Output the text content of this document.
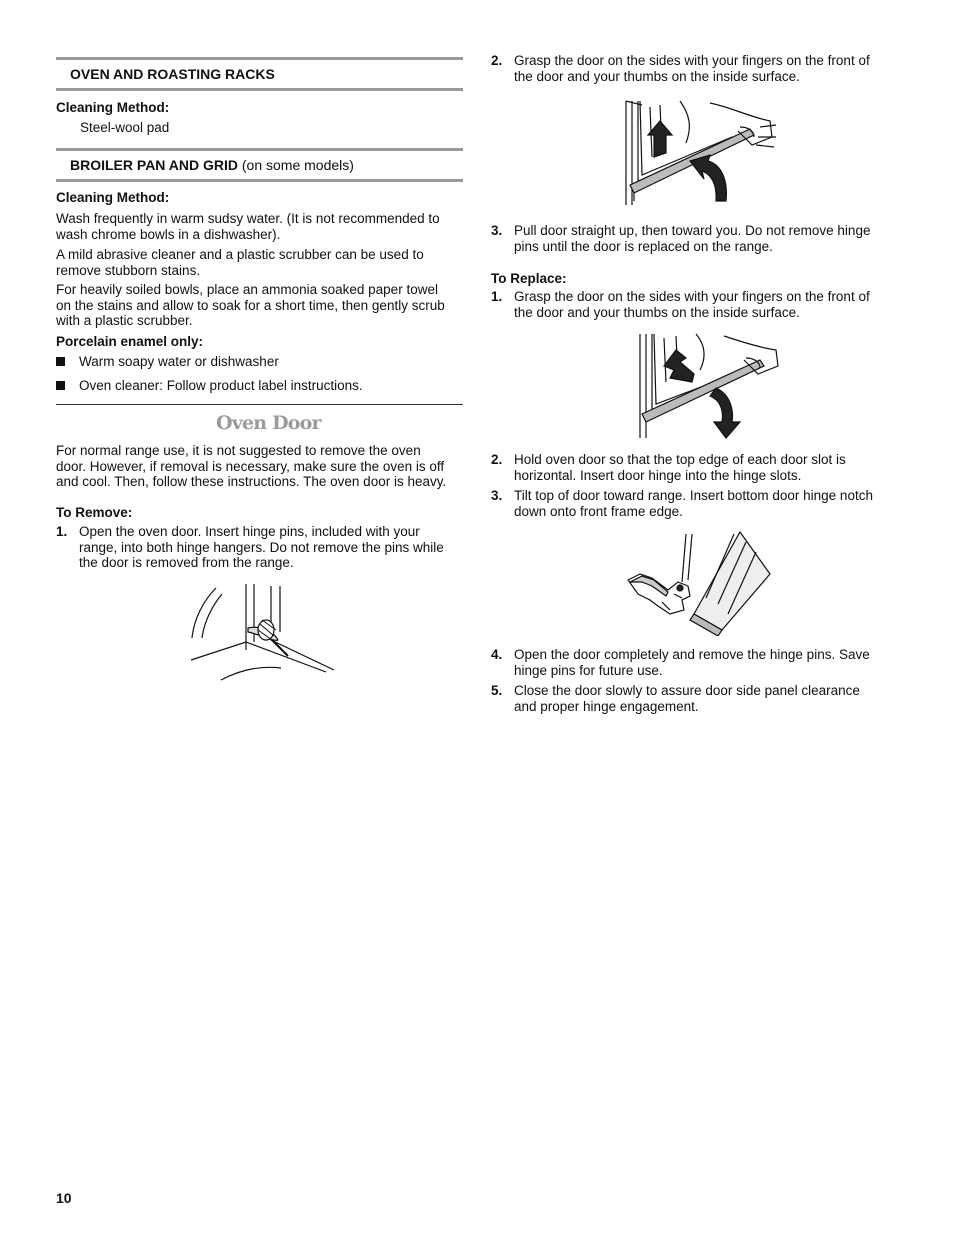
OVEN AND ROASTING RACKS
Cleaning Method:
Steel-wool pad
BROILER PAN AND GRID (on some models)
Cleaning Method:
Wash frequently in warm sudsy water. (It is not recommended to
wash chrome bowls in a dishwasher).
A mild abrasive cleaner and a plastic scrubber can be used to
remove stubborn stains.
For heavily soiled bowls, place an ammonia soaked paper towel
on the stains and allow to soak for a short time, then gently scrub
with a plastic scrubber.
Porcelain enamel only:
Warm soapy water or dishwasher
Oven cleaner: Follow product label instructions.
Oven Door
For normal range use, it is not suggested to remove the oven
door. However, if removal is necessary, make sure the oven is off
and cool. Then, follow these instructions. The oven door is heavy.
To Remove:
1. Open the oven door. Insert hinge pins, included with your
range, into both hinge hangers. Do not remove the pins while
the door is removed from the range.
10
2. Grasp the door on the sides with your fingers on the front of
the door and your thumbs on the inside surface.
3. Pull door straight up, then toward you. Do not remove hinge
pins until the door is replaced on the range.
To Replace:
1. Grasp the door on the sides with your fingers on the front of
the door and your thumbs on the inside surface.
2. Hold oven door so that the top edge of each door slot is
horizontal. Insert door hinge into the hinge slots.
3. Tilt top of door toward range. Insert bottom door hinge notch
down onto front frame edge.
4. Open the door completely and remove the hinge pins. Save
hinge pins for future use.
5. Close the door slowly to assure door side panel clearance
and proper hinge engagement.
